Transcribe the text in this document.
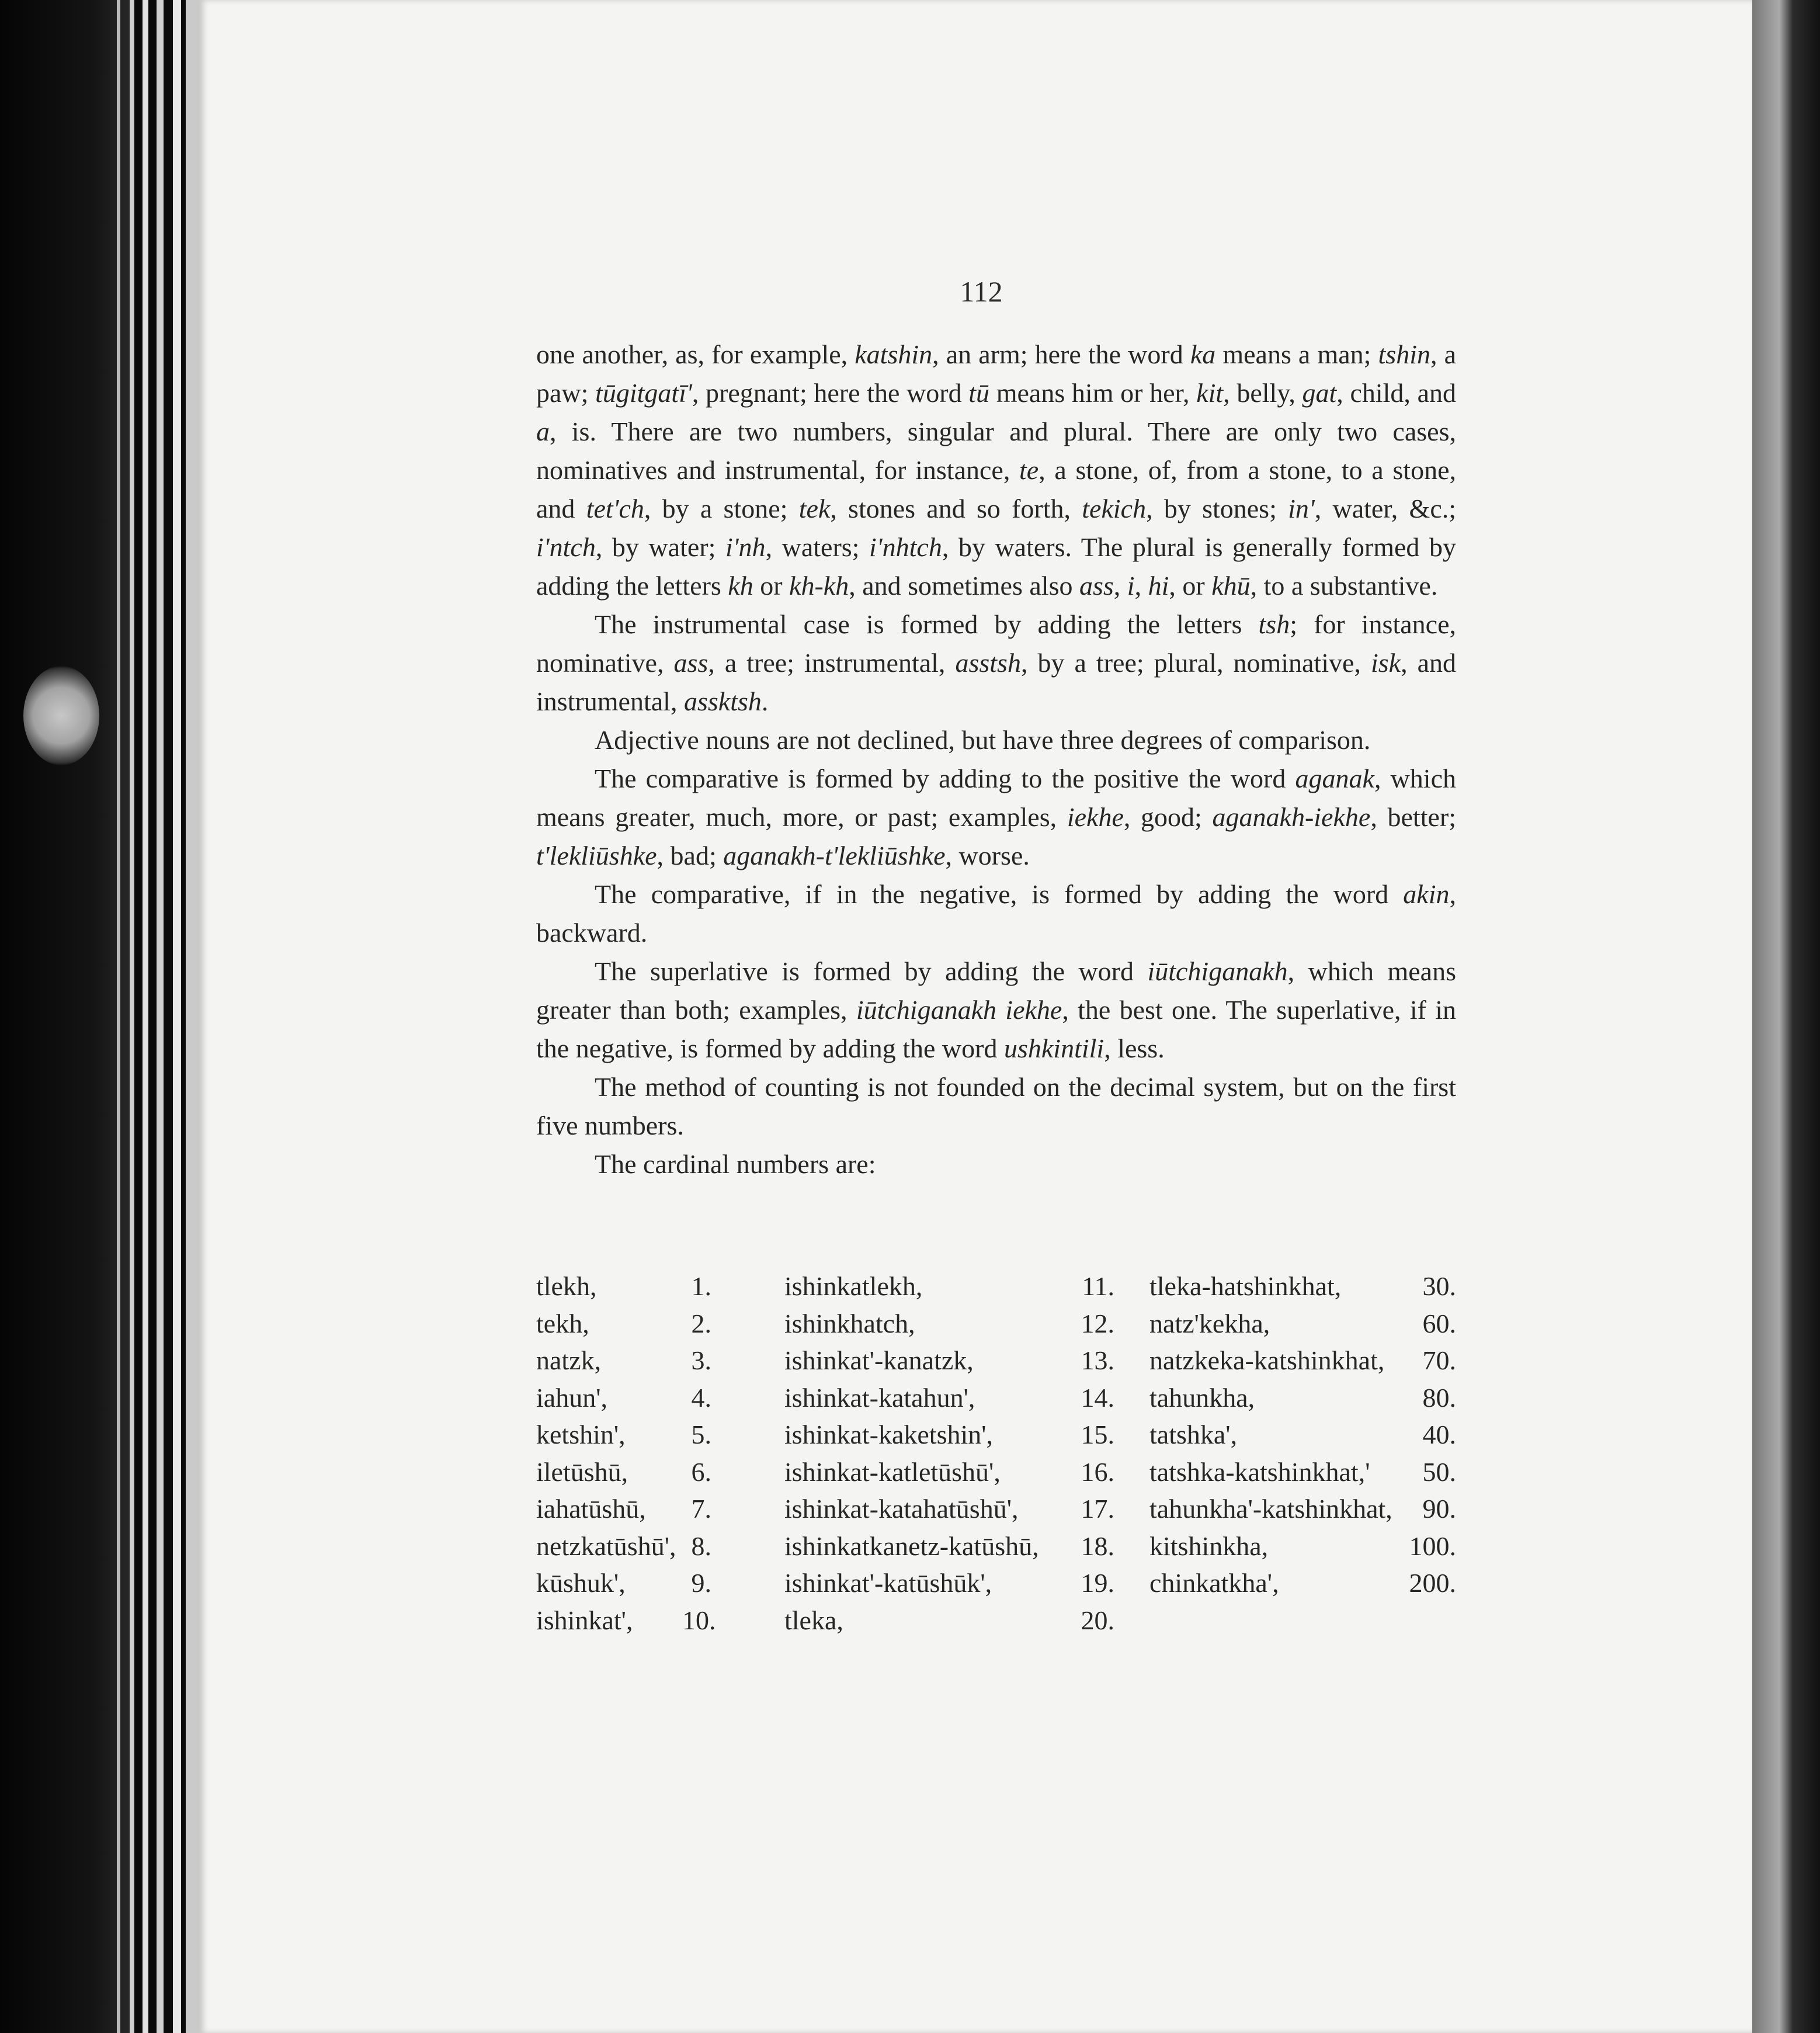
112

one another, as, for example, katshin, an arm; here the word ka means a man; tshin, a paw; tūgitgatī', pregnant; here the word tū means him or her, kit, belly, gat, child, and a, is. There are two numbers, singular and plural. There are only two cases, nominatives and instrumental, for instance, te, a stone, of, from a stone, to a stone, and tet'ch, by a stone; tek, stones and so forth, tekich, by stones; in', water, &c.; i'ntch, by water; i'nh, waters; i'nhtch, by waters. The plural is generally formed by adding the letters kh or kh-kh, and sometimes also ass, i, hi, or khū, to a substantive.

The instrumental case is formed by adding the letters tsh; for instance, nominative, ass, a tree; instrumental, asstsh, by a tree; plural, nominative, isk, and instrumental, assktsh.

Adjective nouns are not declined, but have three degrees of comparison.

The comparative is formed by adding to the positive the word aganak, which means greater, much, more, or past; examples, iekhe, good; aganakh-iekhe, better; t'lekliūshke, bad; aganakh-t'lekliūshke, worse.

The comparative, if in the negative, is formed by adding the word akin, backward.

The superlative is formed by adding the word iūtchiganakh, which means greater than both; examples, iūtchiganakh iekhe, the best one. The superlative, if in the negative, is formed by adding the word ushkintili, less.

The method of counting is not founded on the decimal system, but on the first five numbers.

The cardinal numbers are:

tlekh,	1.	ishinkatlekh,	11. tleka-hatshinkhat,	30.
tekh,	2.	ishinkhatch,	12. natz'kekha,	60.
natzk,	3.	ishinkat'-kanatzk,	13. natzkeka-katshinkhat,	70.
iahun',	4.	ishinkat-katahun',	14. tahunkha,	80.
ketshin',	5.	ishinkat-kaketshin',	15. tatshka',	40.
iletūshū,	6.	ishinkat-katletūshū',	16. tatshka-katshinkhat,'	50.
iahatūshū,	7.	ishinkat-katahatūshū', 17. tahunkha'-katshinkhat,	90.
netzkatūshū', 8.	ishinkatkanetz-katūshū, 18. kitshinkha,	100.
kūshuk',	9.	ishinkat'-katūshūk',	19. chinkatkha',	200.
ishinkat', 10.	tleka,	20.
